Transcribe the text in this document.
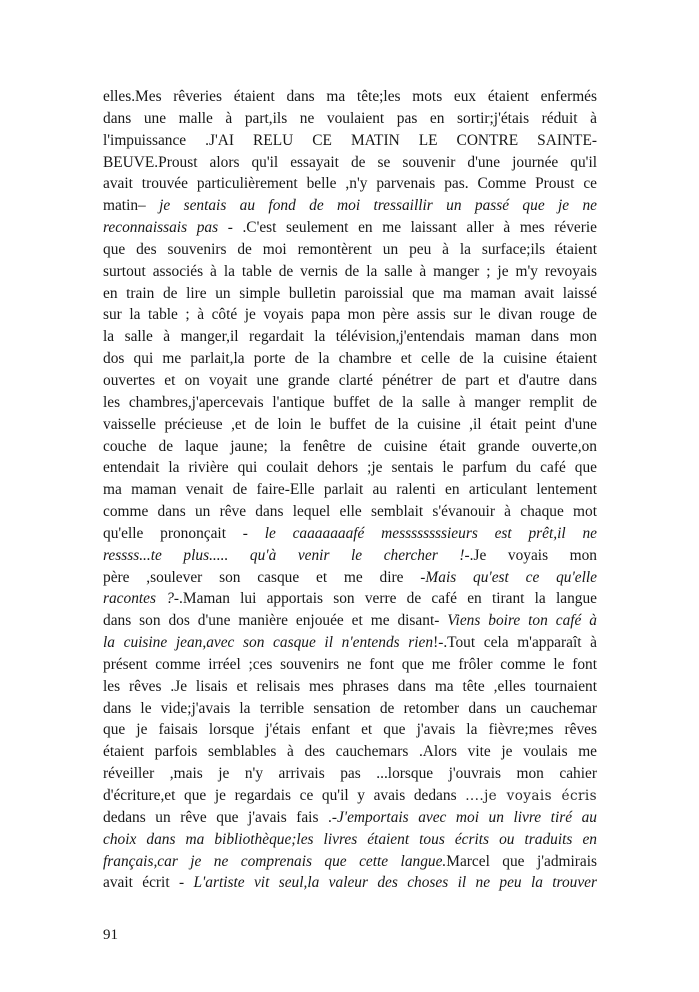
elles.Mes rêveries étaient dans ma tête;les mots eux étaient enfermés
dans une malle à part,ils ne voulaient pas en sortir;j'étais réduit à
l'impuissance .J'AI RELU CE MATIN LE CONTRE SAINTE-
BEUVE.Proust alors qu'il essayait de se souvenir d'une journée qu'il
avait trouvée particulièrement belle ,n'y parvenais pas. Comme Proust ce
matin– je sentais au fond de moi tressaillir un passé que je ne
reconnaissais pas - .C'est seulement en me laissant aller à mes réverie
que des souvenirs de moi remontèrent un peu à la surface;ils étaient
surtout associés à la table de vernis de la salle à manger ; je m'y revoyais
en train de lire un simple bulletin paroissial que ma maman avait laissé
sur la table ; à côté je voyais papa mon père assis sur le divan rouge de
la salle à manger,il regardait la télévision,j'entendais maman dans mon
dos qui me parlait,la porte de la chambre et celle de la cuisine étaient
ouvertes et on voyait une grande clarté pénétrer de part et d'autre dans
les chambres,j'apercevais l'antique buffet de la salle à manger remplit de
vaisselle précieuse ,et de loin le buffet de la cuisine ,il était peint d'une
couche de laque jaune; la fenêtre de cuisine était grande ouverte,on
entendait la rivière qui coulait dehors ;je sentais le parfum du café que
ma maman venait de faire-Elle parlait au ralenti en articulant lentement
comme dans un rêve dans lequel elle semblait s'évanouir à chaque mot
qu'elle prononçait - le caaaaaaafé messssssssieurs est prêt,il ne
ressss...te plus..... qu'à venir le chercher !-.Je voyais mon
père ,soulever son casque et me dire -Mais qu'est ce qu'elle
racontes ?-.Maman lui apportais son verre de café en tirant la langue
dans son dos d'une manière enjouée et me disant- Viens boire ton café à
la cuisine jean,avec son casque il n'entends rien!-.Tout cela m'apparaît à
présent comme irréel ;ces souvenirs ne font que me frôler comme le font
les rêves .Je lisais et relisais mes phrases dans ma tête ,elles tournaient
dans le vide;j'avais la terrible sensation de retomber dans un cauchemar
que je faisais lorsque j'étais enfant et que j'avais la fièvre;mes rêves
étaient parfois semblables à des cauchemars .Alors vite je voulais me
réveiller ,mais je n'y arrivais pas ...lorsque j'ouvrais mon cahier
d'écriture,et que je regardais ce qu'il y avais dedans ....je voyais écris
dedans un rêve que j'avais fais .-J'emportais avec moi un livre tiré au
choix dans ma bibliothèque;les livres étaient tous écrits ou traduits en
français,car je ne comprenais que cette langue.Marcel que j'admirais
avait écrit - L'artiste vit seul,la valeur des choses il ne peu la trouver
91
